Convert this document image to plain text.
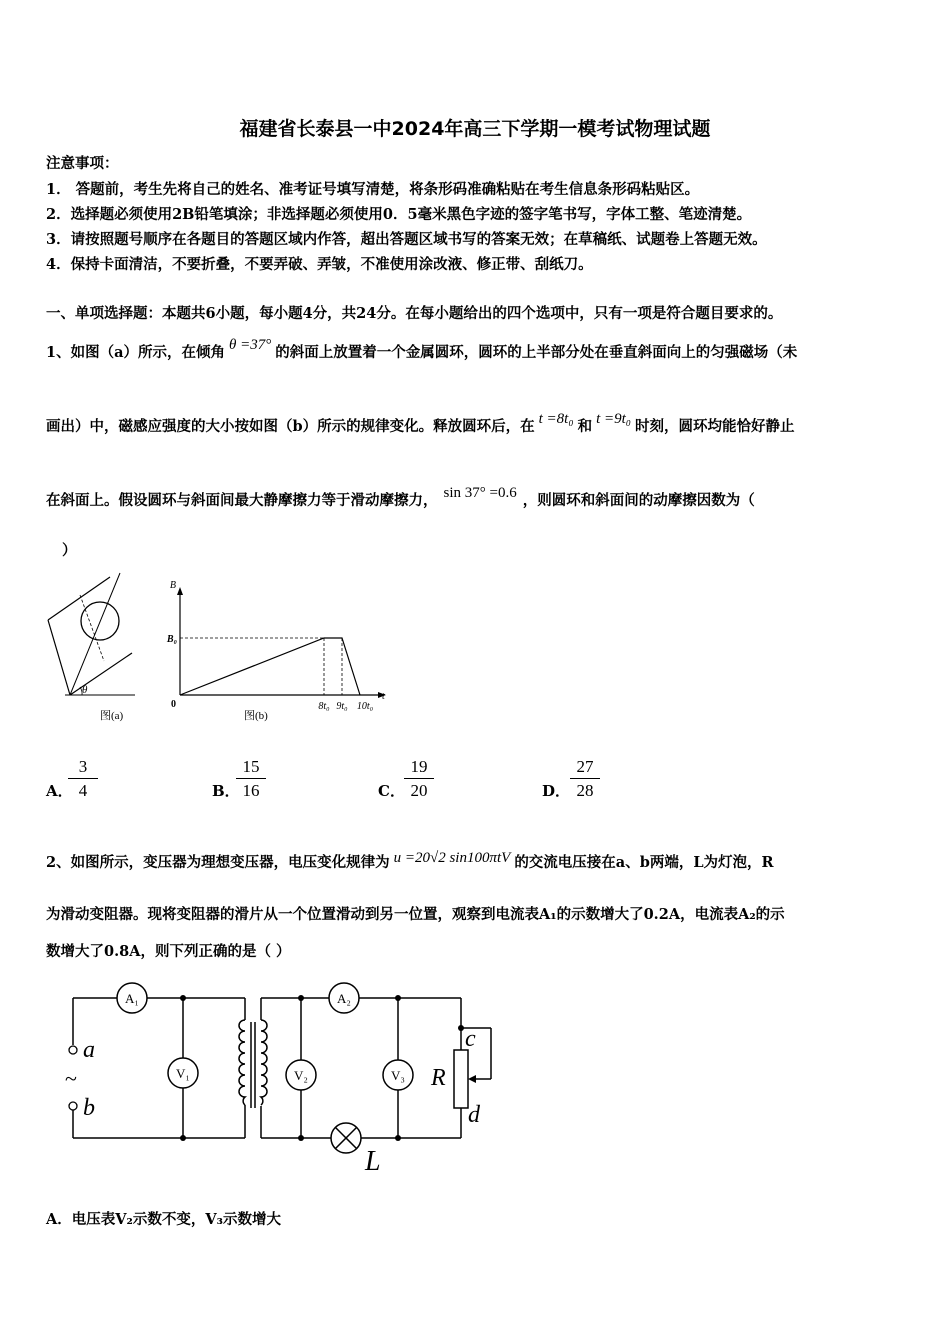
福建省长泰县一中2024年高三下学期一模考试物理试题
注意事项：
1． 答题前，考生先将自己的姓名、准考证号填写清楚，将条形码准确粘贴在考生信息条形码粘贴区。
2．选择题必须使用2B铅笔填涂；非选择题必须使用0．5毫米黑色字迹的签字笔书写，字体工整、笔迹清楚。
3．请按照题号顺序在各题目的答题区域内作答，超出答题区域书写的答案无效；在草稿纸、试题卷上答题无效。
4．保持卡面清洁，不要折叠，不要弄破、弄皱，不准使用涂改液、修正带、刮纸刀。
一、单项选择题：本题共6小题，每小题4分，共24分。在每小题给出的四个选项中，只有一项是符合题目要求的。
1、如图（a）所示，在倾角 θ =37° 的斜面上放置着一个金属圆环，圆环的上半部分处在垂直斜面向上的匀强磁场（未
画出）中，磁感应强度的大小按如图（b）所示的规律变化。释放圆环后，在 t =8t₀ 和 t =9t₀ 时刻，圆环均能恰好静止
在斜面上。假设圆环与斜面间最大静摩擦力等于滑动摩擦力， sin 37° =0.6 ，则圆环和斜面间的动摩擦因数为（
）
θ
图(a)
B
t
B₀
0	8t₀ 9t₀ 10t₀
图(b)
A．
$\frac{3}{4}$	B．
$\frac{15}{16}$	C． $\frac{19}{20}$	D． $\frac{27}{28}$
2、如图所示，变压器为理想变压器，电压变化规律为 u =20√2 sin100πtV 的交流电压接在a、b两端，L为灯泡，R
为滑动变阻器。现将变阻器的滑片从一个位置滑动到另一位置，观察到电流表A₁的示数增大了0.2A，电流表A₂的示
数增大了0.8A，则下列正确的是（ ）
A₁	A₂
V₁	V₂	V₃
a
b
R
c
d
L
~
A．电压表V₂示数不变，V₃示数增大
